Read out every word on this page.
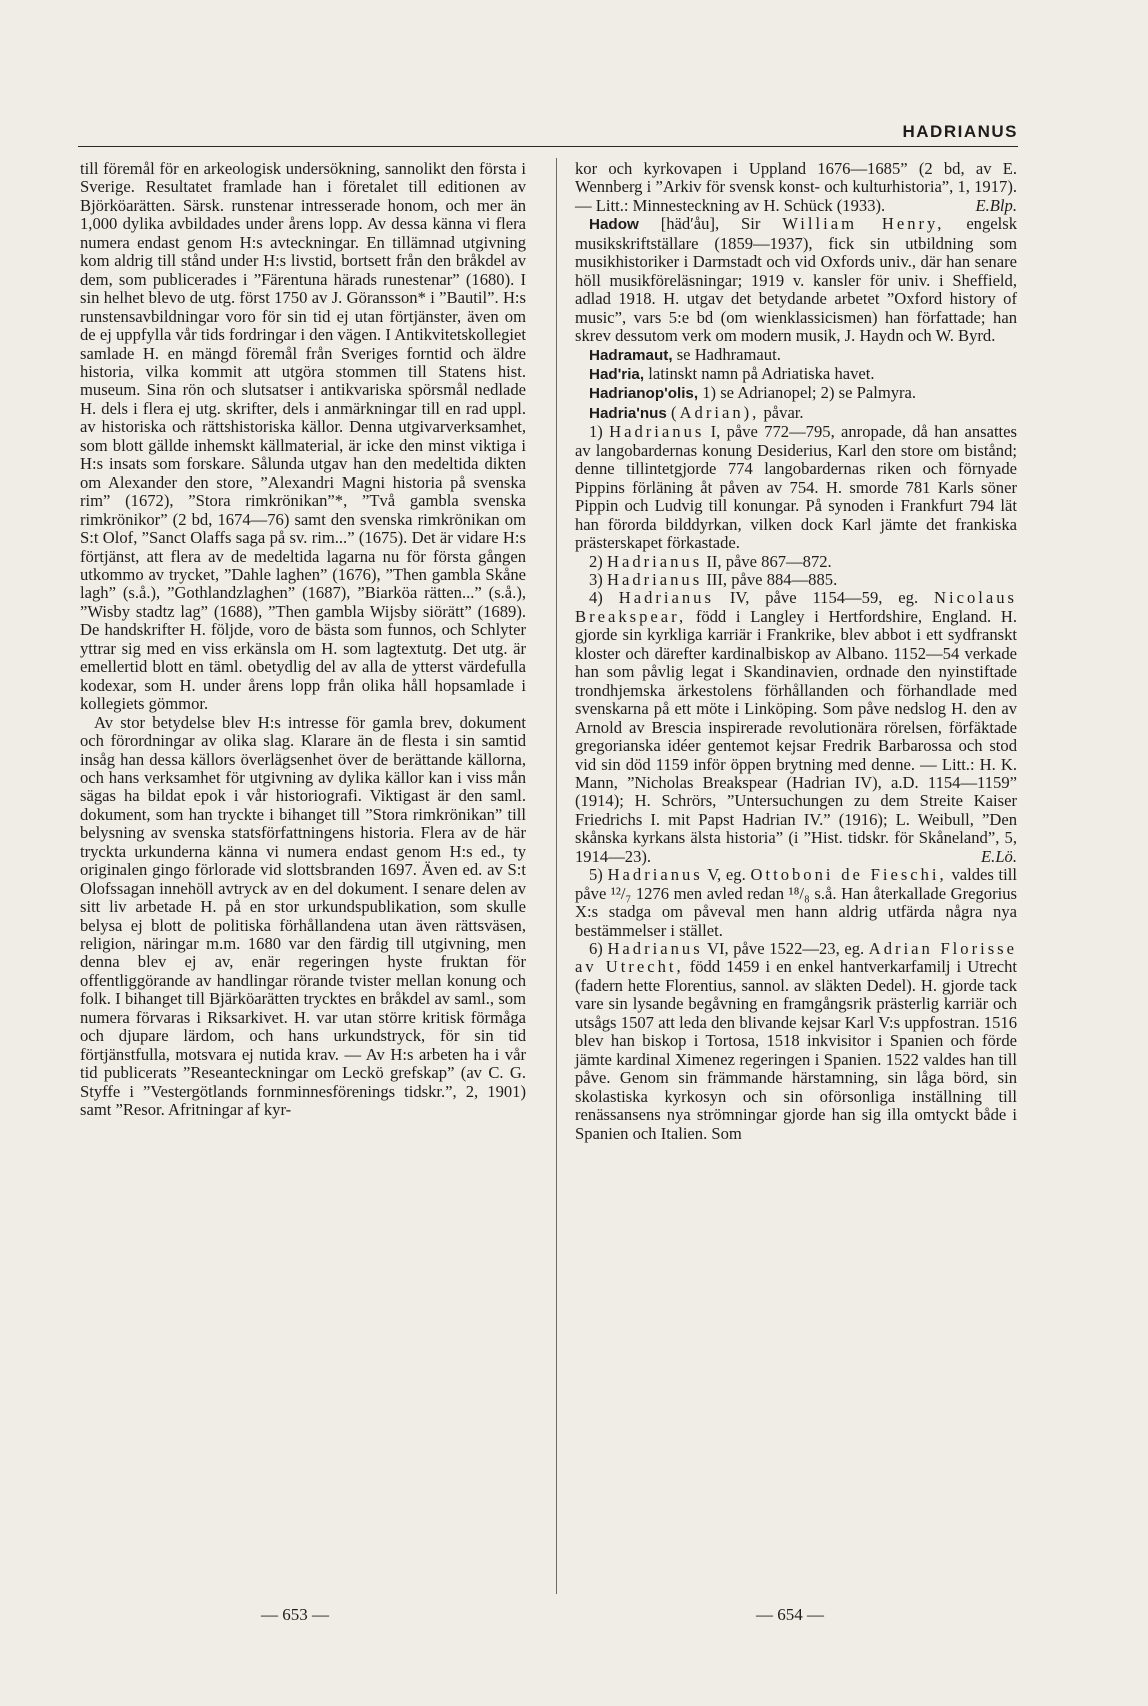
HADRIANUS

till föremål för en arkeologisk undersökning, sannolikt den första i Sverige. Resultatet framlade han i företalet till editionen av Björköarätten. Särsk. runstenar intresserade honom, och mer än 1,000 dylika avbildades under årens lopp. Av dessa känna vi flera numera endast genom H:s avteckningar. En tillämnad utgivning kom aldrig till stånd under H:s livstid, bortsett från den bråkdel av dem, som publicerades i ”Färentuna härads runestenar” (1680). I sin helhet blevo de utg. först 1750 av J. Göransson* i ”Bautil”. H:s runstensavbildningar voro för sin tid ej utan förtjänster, även om de ej uppfylla vår tids fordringar i den vägen. I Antikvitetskollegiet samlade H. en mängd föremål från Sveriges forntid och äldre historia, vilka kommit att utgöra stommen till Statens hist. museum. Sina rön och slutsatser i antikvariska spörsmål nedlade H. dels i flera ej utg. skrifter, dels i anmärkningar till en rad uppl. av historiska och rättshistoriska källor. Denna utgivarverksamhet, som blott gällde inhemskt källmaterial, är icke den minst viktiga i H:s insats som forskare. Sålunda utgav han den medeltida dikten om Alexander den store, ”Alexandri Magni historia på svenska rim” (1672), ”Stora rimkrönikan”*, ”Två gambla svenska rimkrönikor” (2 bd, 1674—76) samt den svenska rimkrönikan om S:t Olof, ”Sanct Olaffs saga på sv. rim...” (1675). Det är vidare H:s förtjänst, att flera av de medeltida lagarna nu för första gången utkommo av trycket, ”Dahle laghen” (1676), ”Then gambla Skåne lagh” (s.å.), ”Gothlandzlaghen” (1687), ”Biarköa rätten...” (s.å.), ”Wisby stadtz lag” (1688), ”Then gambla Wijsby siörätt” (1689). De handskrifter H. följde, voro de bästa som funnos, och Schlyter yttrar sig med en viss erkänsla om H. som lagtextutg. Det utg. är emellertid blott en täml. obetydlig del av alla de ytterst värdefulla kodexar, som H. under årens lopp från olika håll hopsamlade i kollegiets gömmor.

Av stor betydelse blev H:s intresse för gamla brev, dokument och förordningar av olika slag. Klarare än de flesta i sin samtid insåg han dessa källors överlägsenhet över de berättande källorna, och hans verksamhet för utgivning av dylika källor kan i viss mån sägas ha bildat epok i vår historiografi. Viktigast är den saml. dokument, som han tryckte i bihanget till ”Stora rimkrönikan” till belysning av svenska statsförfattningens historia. Flera av de här tryckta urkunderna känna vi numera endast genom H:s ed., ty originalen gingo förlorade vid slottsbranden 1697. Även ed. av S:t Olofssagan innehöll avtryck av en del dokument. I senare delen av sitt liv arbetade H. på en stor urkundspublikation, som skulle belysa ej blott de politiska förhållandena utan även rättsväsen, religion, näringar m.m. 1680 var den färdig till utgivning, men denna blev ej av, enär regeringen hyste fruktan för offentliggörande av handlingar rörande tvister mellan konung och folk. I bihanget till Bjärköarätten trycktes en bråkdel av saml., som numera förvaras i Riksarkivet. H. var utan större kritisk förmåga och djupare lärdom, och hans urkundstryck, för sin tid förtjänstfulla, motsvara ej nutida krav. — Av H:s arbeten ha i vår tid publicerats ”Reseanteckningar om Leckö grefskap” (av C. G. Styffe i ”Vestergötlands fornminnesförenings tidskr.”, 2, 1901) samt ”Resor. Afritningar af kyr-

kor och kyrkovapen i Uppland 1676—1685” (2 bd, av E. Wennberg i ”Arkiv för svensk konst- och kulturhistoria”, 1, 1917). — Litt.: Minnesteckning av H. Schück (1933).	E.Blp.

Hadow [hädʹåu], Sir William Henry, engelsk musikskriftställare (1859—1937), fick sin utbildning som musikhistoriker i Darmstadt och vid Oxfords univ., där han senare höll musikföreläsningar; 1919 v. kansler för univ. i Sheffield, adlad 1918. H. utgav det betydande arbetet ”Oxford history of music”, vars 5:e bd (om wienklassicismen) han författade; han skrev dessutom verk om modern musik, J. Haydn och W. Byrd.

Hadramaut, se Hadhramaut.

Hadʹria, latinskt namn på Adriatiska havet.

Hadrianopʹolis, 1) se Adrianopel; 2) se Palmyra.

Hadriaʹnus (Adrian), påvar.

1) Hadrianus I, påve 772—795, anropade, då han ansattes av langobardernas konung Desiderius, Karl den store om bistånd; denne tillintetgjorde 774 langobardernas riken och förnyade Pippins förläning åt påven av 754. H. smorde 781 Karls söner Pippin och Ludvig till konungar. På synoden i Frankfurt 794 lät han förorda bilddyrkan, vilken dock Karl jämte det frankiska prästerskapet förkastade.

2) Hadrianus II, påve 867—872.

3) Hadrianus III, påve 884—885.

4) Hadrianus IV, påve 1154—59, eg. Nicolaus Breakspear, född i Langley i Hertfordshire, England. H. gjorde sin kyrkliga karriär i Frankrike, blev abbot i ett sydfranskt kloster och därefter kardinalbiskop av Albano. 1152—54 verkade han som påvlig legat i Skandinavien, ordnade den nyinstiftade trondhjemska ärkestolens förhållanden och förhandlade med svenskarna på ett möte i Linköping. Som påve nedslog H. den av Arnold av Brescia inspirerade revolutionära rörelsen, förfäktade gregorianska idéer gentemot kejsar Fredrik Barbarossa och stod vid sin död 1159 inför öppen brytning med denne. — Litt.: H. K. Mann, ”Nicholas Breakspear (Hadrian IV), a.D. 1154—1159” (1914); H. Schrörs, ”Untersuchungen zu dem Streite Kaiser Friedrichs I. mit Papst Hadrian IV.” (1916); L. Weibull, ”Den skånska kyrkans älsta historia” (i ”Hist. tidskr. för Skåneland”, 5, 1914—23).	E.Lö.

5) Hadrianus V, eg. Ottoboni de Fieschi, valdes till påve ¹²/₇ 1276 men avled redan ¹⁸/₈ s.å. Han återkallade Gregorius X:s stadga om påveval men hann aldrig utfärda några nya bestämmelser i stället.

6) Hadrianus VI, påve 1522—23, eg. Adrian Florisse av Utrecht, född 1459 i en enkel hantverkarfamilj i Utrecht (fadern hette Florentius, sannol. av släkten Dedel). H. gjorde tack vare sin lysande begåvning en framgångsrik prästerlig karriär och utsågs 1507 att leda den blivande kejsar Karl V:s uppfostran. 1516 blev han biskop i Tortosa, 1518 inkvisitor i Spanien och förde jämte kardinal Ximenez regeringen i Spanien. 1522 valdes han till påve. Genom sin främmande härstamning, sin låga börd, sin skolastiska kyrkosyn och sin oförsonliga inställning till renässansens nya strömningar gjorde han sig illa omtyckt både i Spanien och Italien. Som

— 653 —	— 654 —
